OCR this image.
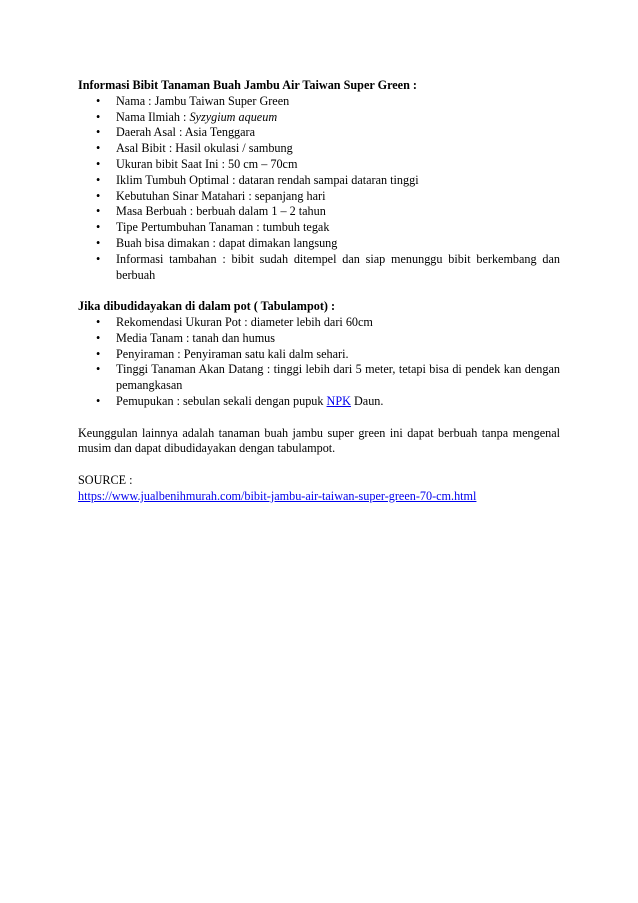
Informasi Bibit Tanaman Buah Jambu Air Taiwan Super Green :

• Nama : Jambu Taiwan Super Green
• Nama Ilmiah : Syzygium aqueum
• Daerah Asal : Asia Tenggara
• Asal Bibit : Hasil okulasi / sambung
• Ukuran bibit Saat Ini : 50 cm – 70cm
• Iklim Tumbuh Optimal : dataran rendah sampai dataran tinggi
• Kebutuhan Sinar Matahari : sepanjang hari
• Masa Berbuah : berbuah dalam 1 – 2 tahun
• Tipe Pertumbuhan Tanaman : tumbuh tegak
• Buah bisa dimakan : dapat dimakan langsung
• Informasi tambahan : bibit sudah ditempel dan siap menunggu bibit berkembang dan berbuah

Jika dibudidayakan di dalam pot ( Tabulampot) :

• Rekomendasi Ukuran Pot : diameter lebih dari 60cm
• Media Tanam : tanah dan humus
• Penyiraman : Penyiraman satu kali dalm sehari.
• Tinggi Tanaman Akan Datang : tinggi lebih dari 5 meter, tetapi bisa di pendek kan dengan pemangkasan
• Pemupukan : sebulan sekali dengan pupuk NPK Daun.

Keunggulan lainnya adalah tanaman buah jambu super green ini dapat berbuah tanpa mengenal musim dan dapat dibudidayakan dengan tabulampot.

SOURCE :

https://www.jualbenihmurah.com/bibit-jambu-air-taiwan-super-green-70-cm.html
